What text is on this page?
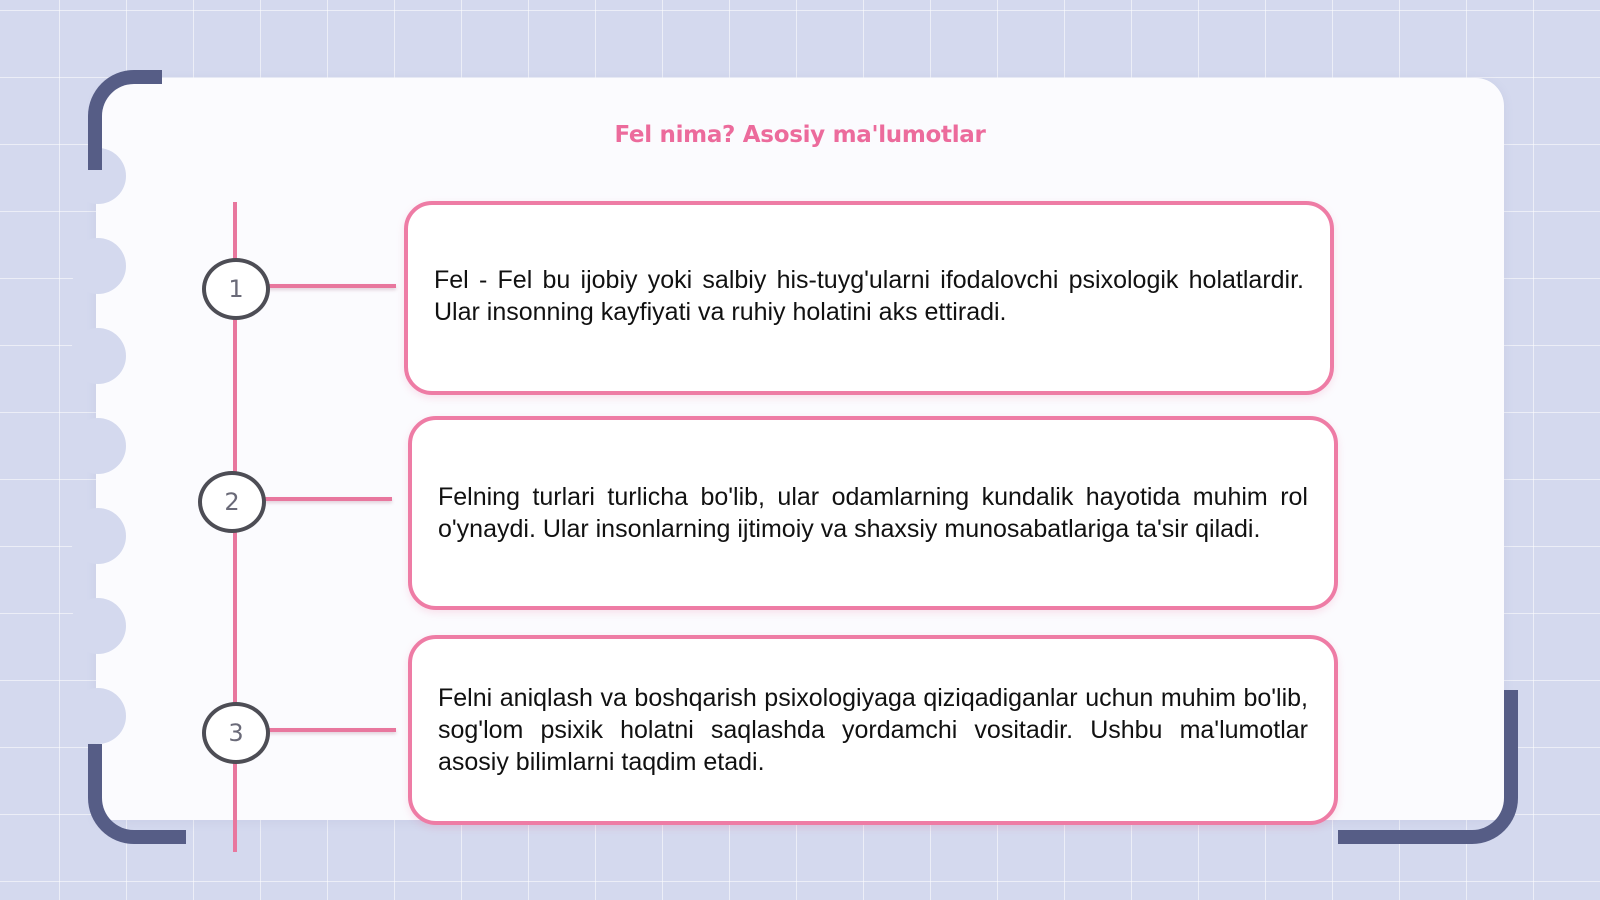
Fel nima? Asosiy ma'lumotlar
1
2
3

Fel - Fel bu ijobiy yoki salbiy his-tuyg'ularni ifodalovchi psixologik holatlardir. Ular insonning kayfiyati va ruhiy holatini aks ettiradi.

Felning turlari turlicha bo'lib, ular odamlarning kundalik hayotida muhim rol o'ynaydi. Ular insonlarning ijtimoiy va shaxsiy munosabatlariga ta'sir qiladi.

Felni aniqlash va boshqarish psixologiyaga qiziqadiganlar uchun muhim bo'lib, sog'lom psixik holatni saqlashda yordamchi vositadir. Ushbu ma'lumotlar asosiy bilimlarni taqdim etadi.
